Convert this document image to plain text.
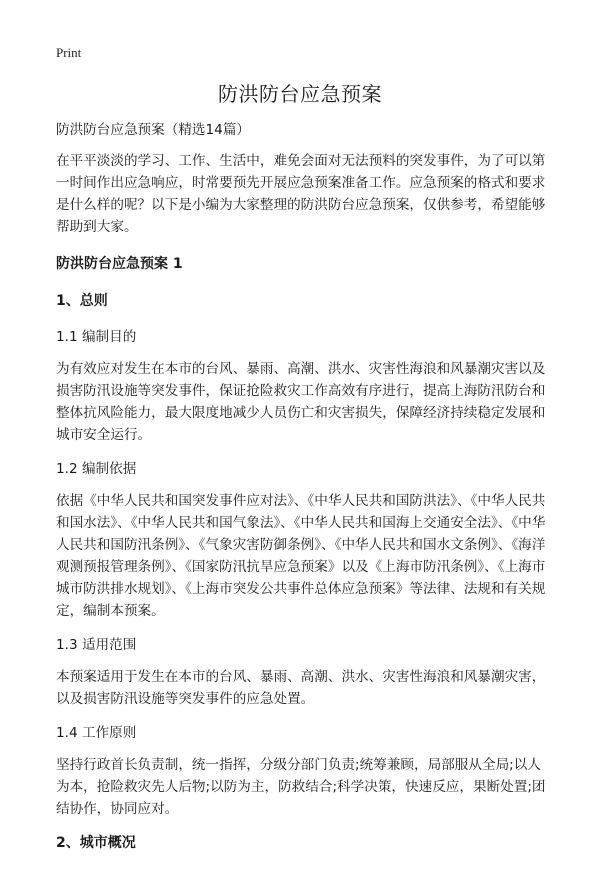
Print
防洪防台应急预案

防洪防台应急预案（精选14篇）

在平平淡淡的学习、工作、生活中，难免会面对无法预料的突发事件，为了可以第一时间作出应急响应，时常要预先开展应急预案准备工作。应急预案的格式和要求是什么样的呢？以下是小编为大家整理的防洪防台应急预案，仅供参考，希望能够帮助到大家。

防洪防台应急预案 1

1、总则

1.1 编制目的

为有效应对发生在本市的台风、暴雨、高潮、洪水、灾害性海浪和风暴潮灾害以及损害防汛设施等突发事件，保证抢险救灾工作高效有序进行，提高上海防汛防台和整体抗风险能力，最大限度地减少人员伤亡和灾害损失，保障经济持续稳定发展和城市安全运行。

1.2 编制依据

依据《中华人民共和国突发事件应对法》、《中华人民共和国防洪法》、《中华人民共和国水法》、《中华人民共和国气象法》、《中华人民共和国海上交通安全法》、《中华人民共和国防汛条例》、《气象灾害防御条例》、《中华人民共和国水文条例》、《海洋观测预报管理条例》、《国家防汛抗旱应急预案》以及《上海市防汛条例》、《上海市城市防洪排水规划》、《上海市突发公共事件总体应急预案》等法律、法规和有关规定，编制本预案。

1.3 适用范围

本预案适用于发生在本市的台风、暴雨、高潮、洪水、灾害性海浪和风暴潮灾害，以及损害防汛设施等突发事件的应急处置。

1.4 工作原则

坚持行政首长负责制，统一指挥，分级分部门负责;统筹兼顾，局部服从全局;以人为本，抢险救灾先人后物;以防为主，防救结合;科学决策，快速反应，果断处置;团结协作，协同应对。

2、城市概况
